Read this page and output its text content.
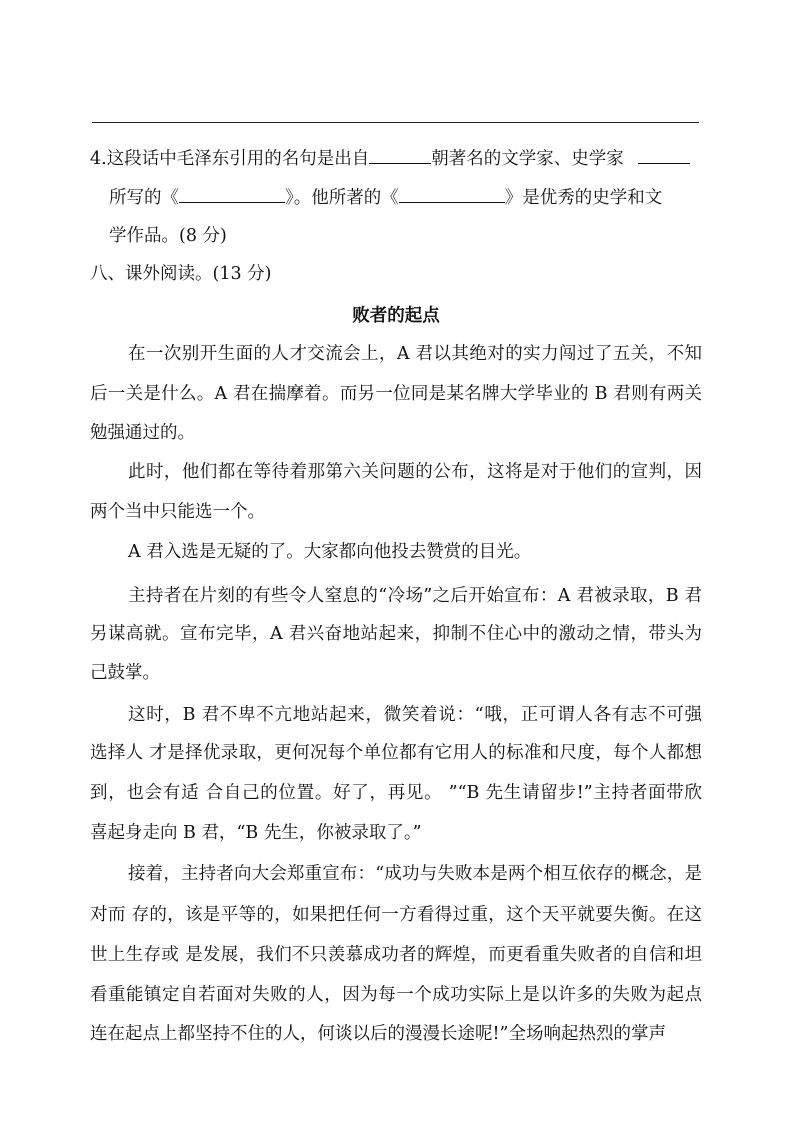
4.这段话中毛泽东引用的名句是出自	朝著名的文学家、史学家
所写的《	》。他所著的《	》是优秀的史学和文
学作品。(8 分)
八、课外阅读。(13 分)
败者的起点
在一次别开生面的人才交流会上，A 君以其绝对的实力闯过了五关，不知
后一关是什么。A 君在揣摩着。而另一位同是某名牌大学毕业的 B 君则有两关
勉强通过的。
此时，他们都在等待着那第六关问题的公布，这将是对于他们的宣判，因
两个当中只能选一个。
A 君入选是无疑的了。大家都向他投去赞赏的目光。
主持者在片刻的有些令人窒息的“冷场”之后开始宣布：A 君被录取，B 君
另谋高就。宣布完毕，A 君兴奋地站起来，抑制不住心中的激动之情，带头为
己鼓掌。
这时，B 君不卑不亢地站起来，微笑着说：“哦，正可谓人各有志不可强
选择人 才是择优录取，更何况每个单位都有它用人的标准和尺度，每个人都想
到，也会有适 合自己的位置。好了，再见。 ”“B 先生请留步!”主持者面带欣
喜起身走向 B 君，“B 先生，你被录取了。”
接着，主持者向大会郑重宣布：“成功与失败本是两个相互依存的概念，是
对而 存的，该是平等的，如果把任何一方看得过重，这个天平就要失衡。在这
世上生存或 是发展，我们不只羡慕成功者的辉煌，而更看重失败者的自信和坦
看重能镇定自若面对失败的人，因为每一个成功实际上是以许多的失败为起点
连在起点上都坚持不住的人，何谈以后的漫漫长途呢!”全场响起热烈的掌声
